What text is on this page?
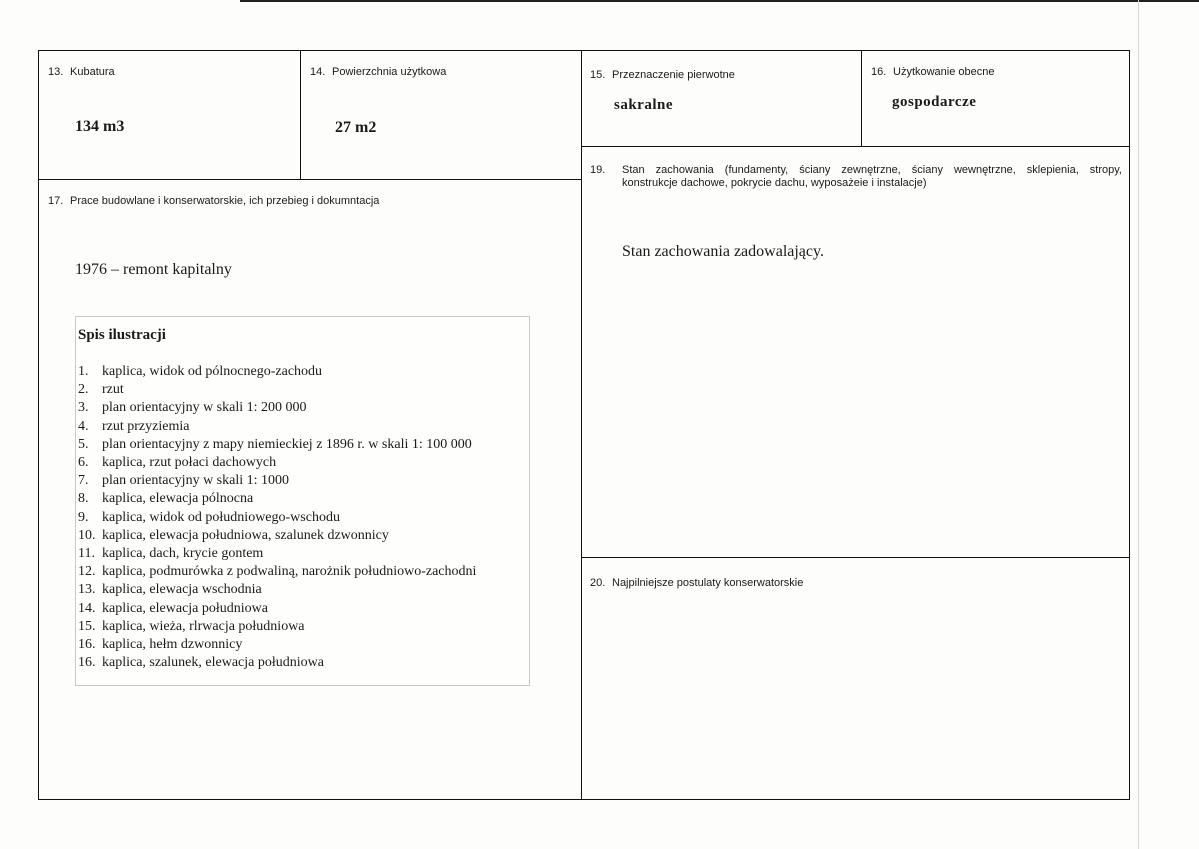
13. Kubatura
134 m3
14. Powierzchnia użytkowa
27 m2
15. Przeznaczenie pierwotne
sakralne
16. Użytkowanie obecne
gospodarcze
17. Prace budowlane i konserwatorskie, ich przebieg i dokumntacja
1976 – remont kapitalny
19.	Stan zachowania (fundamenty, ściany zewnętrzne, ściany wewnętrzne, sklepienia, stropy,
konstrukcje dachowe, pokrycie dachu, wyposażeie i instalacje)
Stan zachowania zadowalający.
20. Najpilniejsze postulaty konserwatorskie
Spis ilustracji
1. kaplica, widok od pólnocnego-zachodu
2. rzut
3. plan orientacyjny w skali 1: 200 000
4. rzut przyziemia
5. plan orientacyjny z mapy niemieckiej z 1896 r. w skali 1: 100 000
6. kaplica, rzut połaci dachowych
7. plan orientacyjny w skali 1: 1000
8. kaplica, elewacja pólnocna
9. kaplica, widok od południowego-wschodu
10. kaplica, elewacja południowa, szalunek dzwonnicy
11. kaplica, dach, krycie gontem
12. kaplica, podmurówka z podwaliną, narożnik południowo-zachodni
13. kaplica, elewacja wschodnia
14. kaplica, elewacja południowa
15. kaplica, wieża, rlrwacja południowa
16. kaplica, hełm dzwonnicy
16. kaplica, szalunek, elewacja południowa
